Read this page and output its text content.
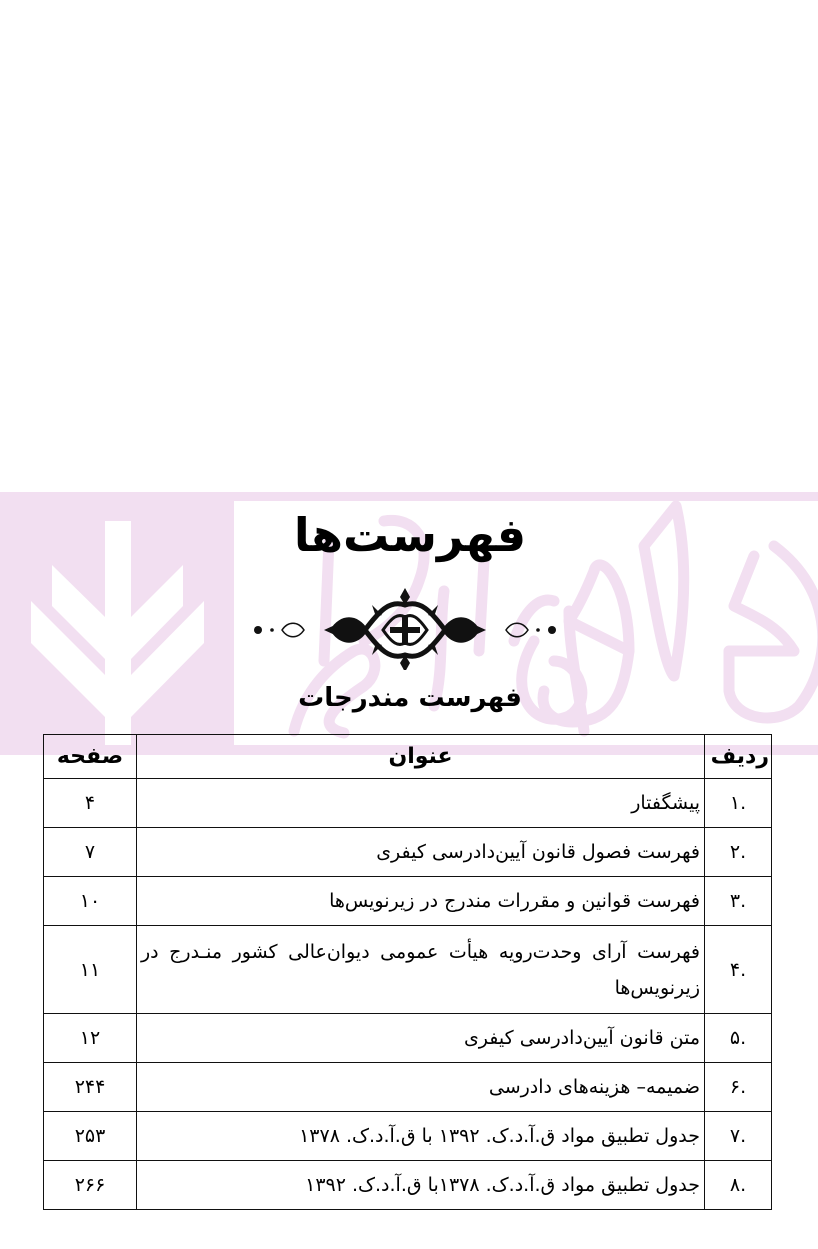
فهرست‌ها
فهرست مندرجات
ردیف	عنوان	صفحه
.۱	پیشگفتار	۴
.۲	فهرست فصول قانون آیین‌دادرسی کیفری	۷
.۳	فهرست قوانین و مقررات مندرج در زیرنویس‌ها	۱۰
.۴	فهرست آرای وحدت‌رویه هیأت عمومی دیوان‌عالی کشور منـدرج در زیرنویس‌ها	۱۱
.۵	متن قانون آیین‌دادرسی کیفری	۱۲
.۶	ضمیمه– هزینه‌های دادرسی	۲۴۴
.۷	جدول تطبیق مواد ق.آ.د.ک. ۱۳۹۲ با ق.آ.د.ک. ۱۳۷۸	۲۵۳
.۸	جدول تطبیق مواد ق.آ.د.ک. ۱۳۷۸با ق.آ.د.ک. ۱۳۹۲	۲۶۶
